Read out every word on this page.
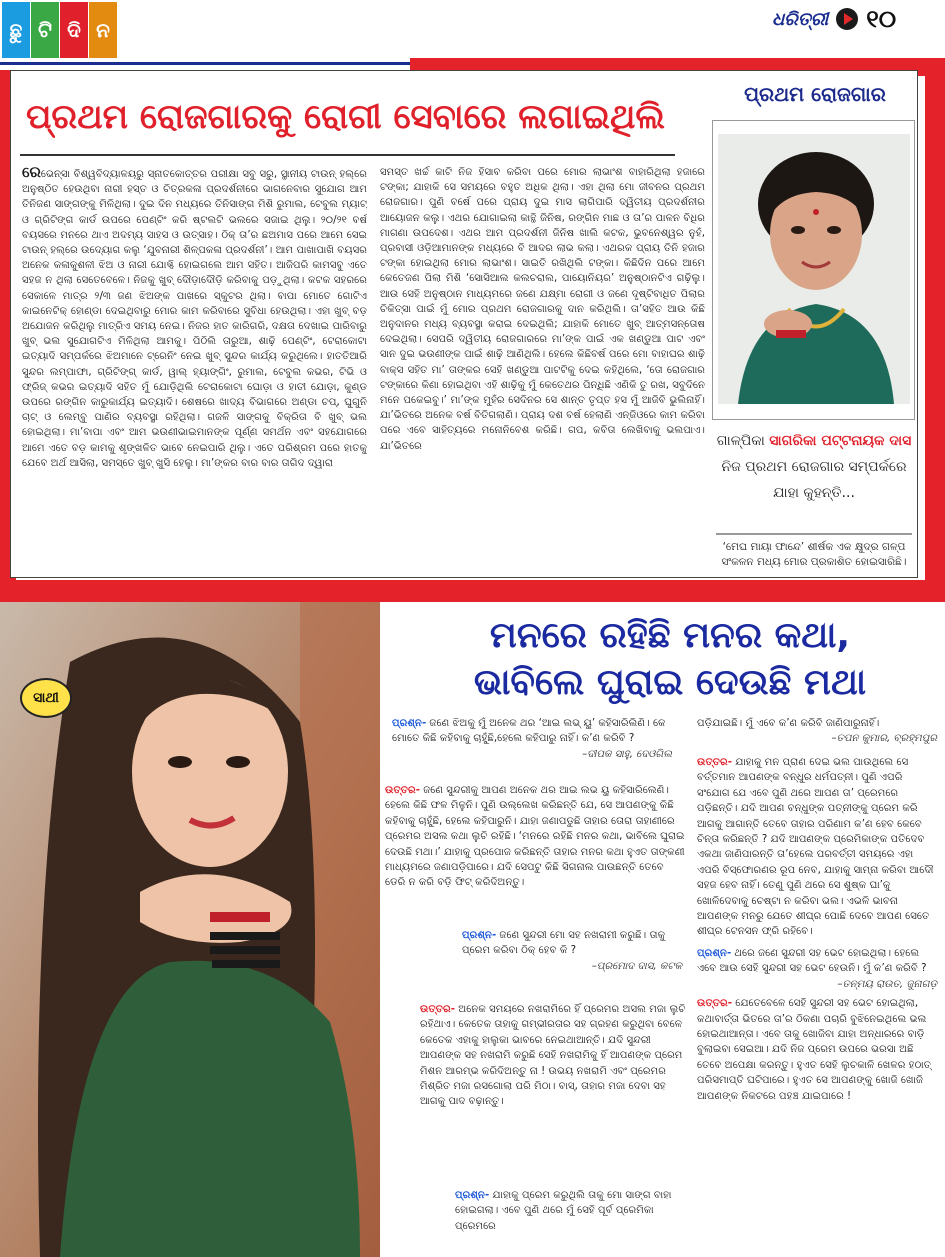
ଛୁ ଟି ଦି ନ	ଧରିତ୍ରୀ ୧୦
ପ୍ରଥମ ରୋଜଗାରକୁ ରୋଗୀ ସେବାରେ ଲଗାଇଥିଲି
ପ୍ରଥମ ରୋଜଗାର
ଗାଳ୍ପିକା ସାଗରିକା ପଟ୍ଟନାୟକ ଦାସ ନିଜ ପ୍ରଥମ ରୋଜଗାର ସମ୍ପର୍କରେ ଯାହା କୁହନ୍ତି...
‘ମେଘ ମାୟା ଫାନ୍ଦେ’ ଶୀର୍ଷକ ଏକ କ୍ଷୁଦ୍ର ଗଳ୍ପ ସଂକଳନ ମଧ୍ୟ ମୋର ପ୍ରକାଶିତ ହୋଇସାରିଛି।
ରେଭେନ୍ସା ବିଶ୍ୱବିଦ୍ୟାଳୟରୁ ସ୍ନାତକୋତ୍ତର ପରୀକ୍ଷା ସବୁ ସରୁ, ସ୍ଥାନୀୟ ଟାଉନ୍ ହଲ୍‌ରେ ଅନୁଷ୍ଠିତ ହେଉଥିବା ନାରୀ ହସ୍ତ ଓ ଚିତ୍ରକଳା ପ୍ରଦର୍ଶନୀରେ ଭାଗନେବାର ସୁଯୋଗ ଆମ ତିନିଜଣ ସାଙ୍ଗଙ୍କୁ ମିଳିଥିଲା। ଦୁଇ ଦିନ ମଧ୍ୟରେ ତିନିସାଙ୍ଗ ମିଶି ରୁମାଲ, ଟେବୁଲ ମ୍ୟାଟ୍ ଓ ଗ୍ରିଟିଙ୍ଗ କାର୍ଡ ଉପରେ ପେଣ୍ଟିଂ କରି ଷ୍ଟଲଟି ଭଲରେ ସଜାଇ ଥିଲୁ। ୨୦/୨୧ ବର୍ଷ ବୟସରେ ମନରେ ଥାଏ ଅଦମ୍ୟ ସାହସ ଓ ଉତ୍ସାହ। ଠିକ୍ ତା’ର ଛଅମାସ ପରେ ଆମେ ସେଇ ଟାଉନ୍ ହଲ୍‌ରେ ଉଦ୍ୟୋଗ କଲୁ ‘ଯୁବନାରୀ ଶିଳ୍ପକଳା ପ୍ରଦର୍ଶନୀ’। ଆମ ପାଖାପାଖି ବୟସର ଅନେକ କଳାକୁଶଳୀ ଝିଅ ଓ ନାରୀ ଯୋଗ୍ଦି ହୋଇଗଲେ ଆମ ସହିତ। ଆଜିପରି କାମସବୁ ଏତେ ସହଜ ନ ଥିଲା ସେତେବେଳେ। ନିଜକୁ ଖୁବ୍ ଦୌଡ଼ାଦୌଡ଼ି କରିବାକୁ ପଡ଼ୁଥିଲା। କଟକ ସହରରେ ସେକାଳେ ମାତ୍ର ୨/୩ ଜଣ ଝିଅଙ୍କ ପାଖରେ ସ୍କୁଟର ଥିଲା। ବାପା ମୋତେ ଗୋଟିଏ କାଇନେଟିକ୍ ହୋଣ୍ଡା ଦେଇଥିବାରୁ ମୋର କାମ କରିବାରେ ସୁବିଧା ହେଉଥିଲା। ଏହା ଖୁବ୍ ବଡ଼ ଅଯୋଜନ କରିଥିଲୁ ମାତ୍ରିଏ ସମୟ ନେଇ। ନିଜର ହାତ କାରିଗରି, ଦକ୍ଷତା ଦେଖାଇ ପାରିବାରୁ ଖୁବ୍ ଭଲ ସୁଯୋଗଟିଏ ମିଳିଥିଲା ଆମକୁ। ପିଠିଲି ତାରୁଆ, ଶାଢ଼ି ପେଣ୍ଟିଂ, ଟେରାକୋଟା ଇତ୍ୟାଦି ସମ୍ପର୍କରେ ଝିଅମାନେ ଟ୍ରେନିଂ ନେଇ ଖୁବ୍ ସୁନ୍ଦର କାର୍ଯ୍ୟ କରୁଥିଲେ। ହାତତିଆରି ସୁନ୍ଦର ଲମ୍ପାଫା, ଗ୍ରିଟିଙ୍ଗ୍ କାର୍ଡ, ୱାଲ୍ ହ୍ୟାଙ୍ଗିଂ, ରୁମାଲ, ଟେବୁଲ କଭର, ଟିଭି ଓ ଫ୍ରିଜ୍ କଭର ଇତ୍ୟାଦି ସହିତ ମୁଁ ଯୋଡ଼ିଥିଲି ଟେରାକୋଟା ଘୋଡ଼ା ଓ ହାତୀ ଯୋଡ଼ା, କୁଣ୍ଡ ଉପରେ ରଙ୍ଗିନ କାରୁକାର୍ଯ୍ୟ ଇତ୍ୟାଦି। ଶେଷରେ ଖାଦ୍ୟ ବିଭାଗରେ ଅଣ୍ଡା ଚପ୍, ଘୁଗୁନି ଚାଟ୍ ଓ ଲେମ୍ବୁ ପାଣିର ବ୍ୟବସ୍ଥା ରହିଥିଲା। ଗଜଳି ସାଙ୍ଗକୁ ବିକ୍ରିତା ବି ଖୁବ୍ ଭଲ ହୋଇଥିଲା। ମା’ବାପା ଏବଂ ଆମ ଭଉଣୀଭାଇମାନଙ୍କ ପୂର୍ଣ୍ଣ ସମର୍ଥନ ଏବଂ ସହଯୋଗରେ ଆମେ ଏତେ ବଡ଼ କାମକୁ ଶୃଙ୍ଖଳିତ ଭାବେ ନେଇପାରି ଥିଲୁ। ଏତେ ପରିଶ୍ରମ ପରେ ହାତକୁ ଯେବେ ଅର୍ଥ ଆସିଲା, ସମସ୍ତେ ଖୁବ୍ ଖୁସି ହେଲୁ। ମା’ଙ୍କର ବାର ବାର ତାଗିଦ ଦ୍ୱାରା
ସମସ୍ତ ଖର୍ଚ୍ଚ କାଟି ନିଜ ହିସାବ କରିବା ପରେ ମୋର ଲାଭାଂଶ ବାହାରିଥିଲା ହଜାରେ ଟଙ୍କା; ଯାହାକି ସେ ସମୟରେ ବହୁତ ଅଧିକ ଥିଲା। ଏହା ଥିଲା ମୋ ଜୀବନର ପ୍ରଥମ ରୋଜଗାର। ପୁଣି ବର୍ଷେ ପରେ ପ୍ରାୟ ଦୁଇ ମାସ ଲାଗିପାରି ଦ୍ୱିତୀୟ ପ୍ରଦର୍ଶନୀର ଆୟୋଜନ କଲୁ। ଏଥର ଯୋଗାଇଲା କାନ୍ଥି ଜିନିଷ, ରଙ୍ଗିନ ମାଛ ଓ ତା’ର ପାଳନ ବିଧିର ମାଗଣା ଉପଦେଶ। ଏଥର ଆମ ପ୍ରଦର୍ଶନୀ ଜିନିଷ ଖାଲି କଟକ, ଭୁବନେଶ୍ୱର ନୁହଁ, ପ୍ରବାସୀ ଓଡ଼ିଆମାନଙ୍କ ମଧ୍ୟରେ ବି ଆଦର ଲାଭ କଲା। ଏଥରକ ପ୍ରାୟ ତିନି ହଜାର ଟଙ୍କା ହୋଇଥିଲା ମୋର ଲାଭାଂଶ। ସାଇତି ରଖିଥିଲି ଟଙ୍କା। କିଛିଦିନ ପରେ ଆମେ କେତେଜଣ ପିଲା ମିଶି ‘ସୋସିଆଲ କଲଚରାଲ, ପାୟୋନିୟର’ ଅନୁଷ୍ଠାନଟିଏ ଗଢ଼ିଲୁ। ଆଉ ସେହି ଅନୁଷ୍ଠାନ ମାଧ୍ୟମରେ ଜଣେ ଯକ୍ଷ୍ମା ରୋଗୀ ଓ ଜଣେ ଦୃଷ୍ଟିବାଧିତ ପିଲାର ଚିକିତ୍ସା ପାଇଁ ମୁଁ ମୋର ପ୍ରଥମ ରୋଜଗାରକୁ ଦାନ କରିଥିଲି। ତା’ସହିତ ଆଉ କିଛି ଅନୁଦାନର ମଧ୍ୟ ବ୍ୟବସ୍ଥା କରାଇ ଦେଇଥିଲି; ଯାହାକି ମୋତେ ଖୁବ୍ ଆତ୍ମସନ୍ତୋଷ ଦେଇଥିଲା। ସେପରି ଦ୍ୱିତୀୟ ରୋଜଗାରରେ ମା’ଙ୍କ ପାଇଁ ଏକ ଖଣ୍ଡୁଆ ପାଟ ଏବଂ ସାନ ଦୁଇ ଭଉଣୀଙ୍କ ପାଇଁ ଶାଢ଼ି ଆଣିଥିଲି। ହେଲେ କିଛିବର୍ଷ ପରେ ମୋ ବାହାଘର ଶାଢ଼ି ବାକ୍ସ ସହିତ ମା’ ତାଙ୍କର ସେହି ଖଣ୍ଡୁଆ ପାଟଟିକୁ ଦେଇ କହିଥିଲେ, ‘ତୋ ରୋଜଗାର ଟଙ୍କାରେ କିଣା ହୋଇଥିବା ଏହି ଶାଢ଼ିକୁ ମୁଁ କେତେଥର ପିନ୍ଧିଛି ଏଣିକି ତୁ ରଖ, ସବୁଦିନେ ମନେ ପକେଇବୁ।’ ମା’ଙ୍କ ମୁହଁର ସେଦିନର ସେ ଶାନ୍ତ ତୃପ୍ତ ହସ ମୁଁ ଆଜିବି ଭୁଲିନାହିଁ। ଯା’ଭିତରେ ଅନେକ ବର୍ଷ ବିତିଗଲାଣି। ପ୍ରାୟ ଦଶ ବର୍ଷ ହେଲାଣି ଏନ୍‌ଜିଓରେ କାମ କରିବା ପରେ ଏବେ ସାହିତ୍ୟରେ ମନୋନିବେଶ କରିଛି। ଗପ, କବିତା ଲେଖିବାକୁ ଭଲପାଏ। ଯା’ଭିତରେ
ସାଥୀ
ମନରେ ରହିଛି ମନର କଥା,
ଭାବିଲେ ଘୁରାଇ ଦେଉଛି ମଥା
ପ୍ରଶ୍ନ- ଜଣେ ଝିଅକୁ ମୁଁ ଅନେକ ଥର ‘ଆଇ ଲଭ୍ ୟୁ’ କହିସାରିଲିଣି। କେ ମୋତେ କିଛି କହିବାକୁ ଚାହୁଁଛି,ହେଲେ କହିପାରୁ ନାହିଁ। କ’ଣ କରିବି ?
–ଦୀପକ ସାହୁ, ଦେଓଗିଲ
ଉତ୍ତର- ଜଣେ ସୁନ୍ଦରୀକୁ ଆପଣ ଅନେକ ଥର ଆଇ ଲଭ ୟୁ କହିସାରିଲେଣି। ହେଲେ କିଛି ଫଳ ମିଳୁନି। ପୁଣି ଉଲ୍ଲେଖ କରିଛନ୍ତି ଯେ, ସେ ଆପଣଙ୍କୁ କିଛି କହିବାକୁ ଚାହୁଁଛି, ହେଲେ କହିପାରୁନି। ଯାହା ଜଣାପଡୁଛି ତାହାର ତୋରା ତାହାଣୀରେ ପ୍ରେମର ଅସଲ କଥା ଲୁଚି ରହିଛି। ‘ମନରେ ରହିଛି ମନର କଥା, ଭାବିଲେ ଘୁରାଇ ଦେଉଛି ମଥା।’ ଯାହାକୁ ପ୍ରପୋଜ କରିଛନ୍ତି ତାହାର ମନର କଥା ହୁଏତ ତାଙ୍କଣୀ ମାଧ୍ୟମରେ ଜଣାପଡ଼ିପାରେ। ଯଦି ସେପଟୁ କିଛି ସିଗନାଲ ପାଉଛନ୍ତି ତେବେ ଡେରି ନ କରି ବଡ଼ି ଫିଟ୍ କରିଦିଅନ୍ତୁ।
ପ୍ରଶ୍ନ- ଜଣେ ସୁନ୍ଦରୀ ମୋ ସହ ନଖରାମୀ କରୁଛି। ତାକୁ ପ୍ରେମ କରିବା ଠିକ୍ ହେବ କି ?
–ପ୍ରମୋଦ ଦାସ, କଟକ
ଉତ୍ତର- ଅନେକ ସମୟରେ ନଖରାମିରେ ହିଁ ପ୍ରେମର ଅସଲ ମଜା ଲୁଚି ରହିଥାଏ। କେତେକ ତାହାକୁ ଗମ୍ଭୀରତାର ସହ ଗ୍ରହଣ କରୁଥିବା ବେଳେ କେତେକ ଏହାକୁ ହାଲୁକା ଭାବରେ ନେଇଥାଆନ୍ତି। ଯଦି ସୁନ୍ଦରୀ ଆପଣଙ୍କ ସହ ନଖରାମି କରୁଛି ସେହି ନଖରାମିକୁ ହିଁ ଆପଣଙ୍କ ପ୍ରେମ ମିଶନ ଆରମ୍ଭ କରିଦିଅନ୍ତୁ ନା ! ଉଭୟ ନଖରାମି ଏବଂ ପ୍ରେମର ମିଶ୍ରିତ ମଜା ରସଗୋଲା ପରି ମିଠା। ବାସ୍, ତାହାର ମଜା ଦେବା ସହ ଆଗକୁ ପାଦ ବଢ଼ାନ୍ତୁ।
ପ୍ରଶ୍ନ- ଯାହାକୁ ପ୍ରେମ କରୁଥିଲି ତାକୁ ମୋ ସାଙ୍ଗ ବାହା ହୋଇଗଲା। ଏବେ ପୁଣି ଥରେ ମୁଁ ସେହି ପୂର୍ବ ପ୍ରେମିକା ପ୍ରେମରେ
ପଡ଼ିଯାଇଛି। ମୁଁ ଏବେ କ’ଣ କରିବି ଜାଣିପାରୁନାହିଁ।
–ତପନ କୁମାର, ବ୍ରହ୍ମପୁର
ଉତ୍ତର- ଯାହାକୁ ମନ ପ୍ରାଣ ଦେଇ ଭଲ ପାଉଥିଲେ ସେ ବର୍ତ୍ତମାନ ଆପଣଙ୍କ ବନ୍ଧୁର ଧର୍ମପତ୍ନୀ। ପୁଣି ଏପରି ସଂଯୋଗ ଯେ ଏବେ ପୁଣି ଥରେ ଆପଣ ତା’ ପ୍ରେମରେ ପଡ଼ିଛନ୍ତି। ଯଦି ଆପଣ ବନ୍ଧୁଙ୍କ ପତ୍ନୀଙ୍କୁ ପ୍ରେମ କରି ଆଗକୁ ଆଗାନ୍ତି ତେବେ ତାହାର ପରିଣାମ କ’ଣ ହେବ କେବେ ଚିନ୍ତା କରିଛନ୍ତି ? ଯଦି ଆପଣଙ୍କ ପ୍ରେମିକାଙ୍କ ପତିଦେବ ଏକଥା ଜାଣିପାରନ୍ତି ତା’ହେଲେ ପରବର୍ତ୍ତୀ ସମୟରେ ଏହା ଏପରି ବିସ୍ଫୋରଣର ରୂପ ନେବ, ଯାହାକୁ ସାମ୍ନା କରିବା ଆଦୌ ସହଜ ହେବ ନାହିଁ। ତେଣୁ ପୁଣି ଥରେ ସେ ଶୁଷ୍କ ଘା’କୁ ଖୋଳିଦେବାକୁ ଚେଷ୍ଟା ନ କରିବା ଭଲ। ଏଭଳି ଭାବନା ଆପଣଙ୍କ ମନରୁ ଯେତେ ଶୀଘ୍ର ପୋଛି ଦେବେ ଆପଣ ସେତେ ଶୀଘ୍ର ଟେନସନ ଫ୍ରି ରହିବେ।
ପ୍ରଶ୍ନ- ଥରେ ଜଣେ ସୁନ୍ଦରୀ ସହ ଭେଟ ହୋଇଥିଲା। ହେଲେ ଏବେ ଆଉ ସେହି ସୁନ୍ଦରୀ ସହ ଭେଟ ହେଉନି। ମୁଁ କ’ଣ କରିବି ?
–ତନ୍ମୟ ରାଉତ, ଜୁନାଗଡ଼
ଉତ୍ତର- ଯେତେବେଳେ ସେହି ସୁନ୍ଦରୀ ସହ ଭେଟ ହୋଇଥିଲା, କଥାବାର୍ତ୍ତା ଭିତରେ ତା’ର ଠିକଣା ପଚାରି ବୁଝିନେଇଥିଲେ ଭଲ ହୋଇଥାଆନ୍ତା। ଏବେ ତାକୁ ଖୋଜିବା ଯାହା ଅନ୍ଧାରରେ ବାଡ଼ି ବୁଲାଇବା ସେଇଆ। ଯଦି ନିଜ ପ୍ରେମ ଉପରେ ଭରସା ଅଛି ତେବେ ଅପେକ୍ଷା କରନ୍ତୁ। ହୁଏତ ସେହି ଲୁଚକାଳି ଖେଳର ହଠାତ୍ ପରିସମାପ୍ତି ଘଟିପାରେ। ହୁଏତ ସେ ଆପଣଙ୍କୁ ଖୋଜି ଖୋଜି ଆପଣଙ୍କ ନିକଟରେ ପହଞ୍ଚ ଯାଇପାରେ !
